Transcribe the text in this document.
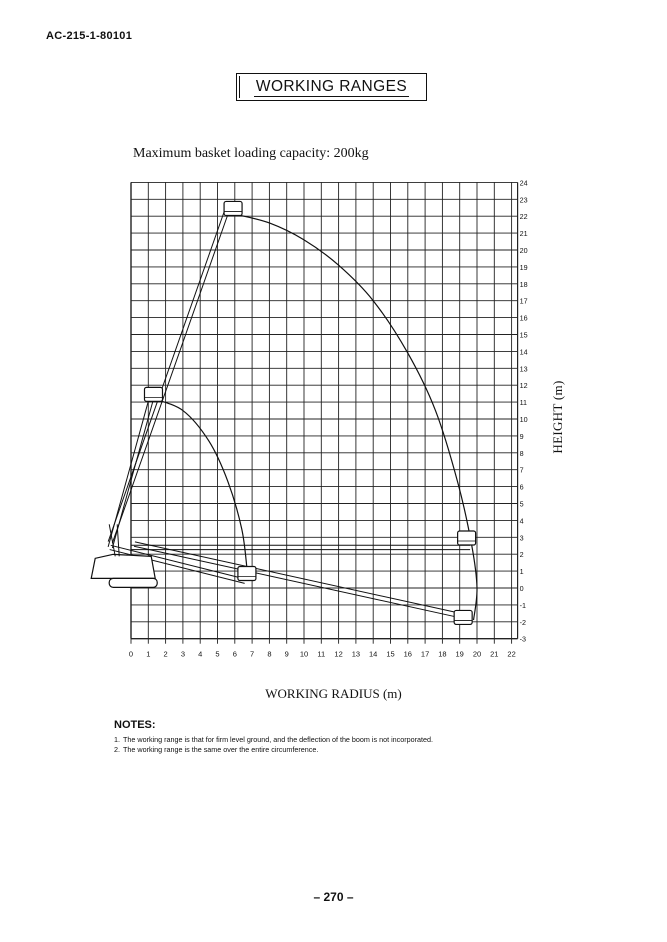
AC-215-1-80101
WORKING RANGES
Maximum basket loading capacity: 200kg
0 1 2 3 4 5 6 7 8 9 10 11 12 13 14 15 16 17 18 19 20 21 22
-3
-2
-1
0
1
2
3
4
5
6
7
8
9
10
11
12
13
14
15
16
17
18
19
20
21
22
23
24
WORKING RADIUS (m)
HEIGHT (m)
NOTES:
1. The working range is that for firm level ground, and the deflection of the boom is not incorporated.
2. The working range is the same over the entire circumference.
– 270 –
